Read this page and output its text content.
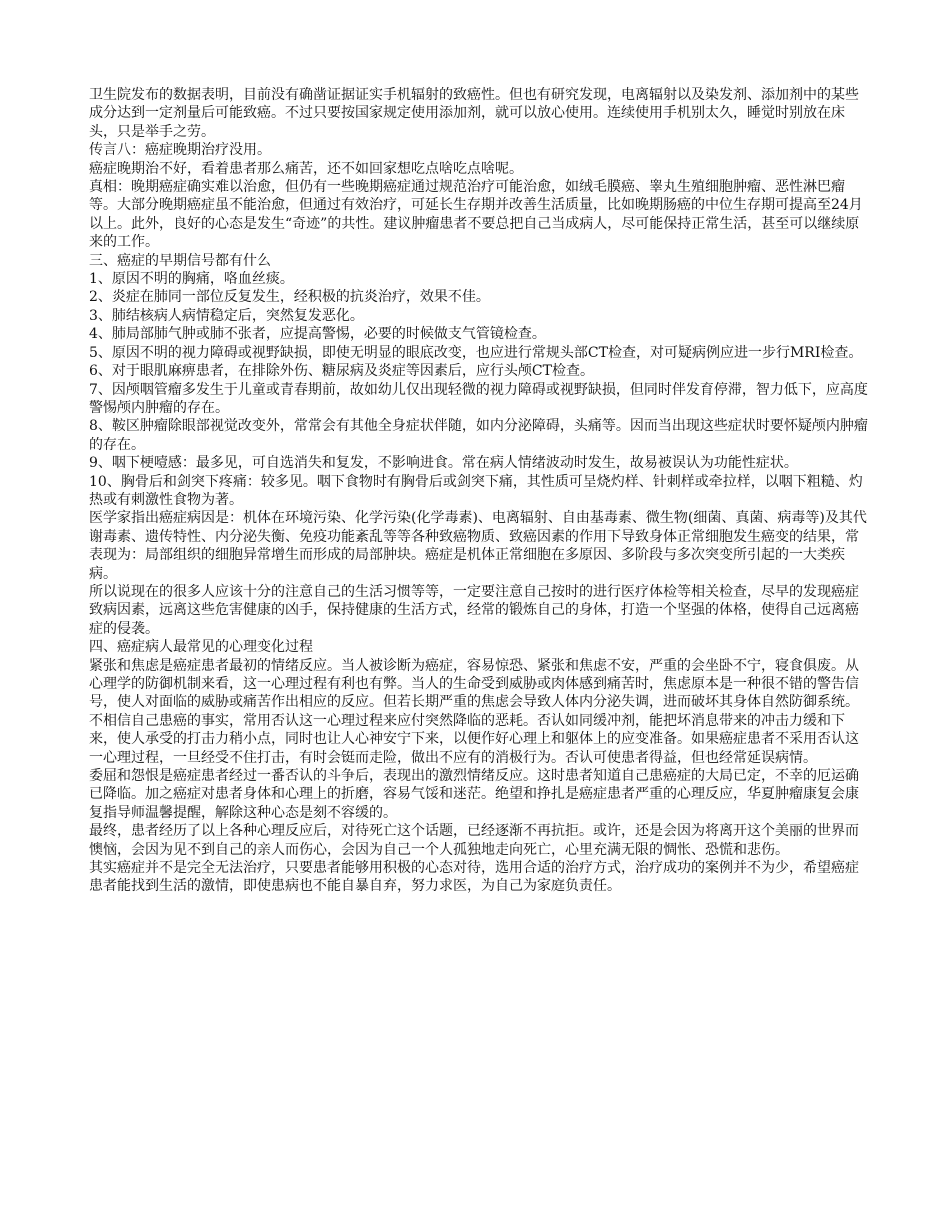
卫生院发布的数据表明，目前没有确凿证据证实手机辐射的致癌性。但也有研究发现，电离辐射以及染发剂、添加剂中的某些成分达到一定剂量后可能致癌。不过只要按国家规定使用添加剂，就可以放心使用。连续使用手机别太久，睡觉时别放在床头，只是举手之劳。

传言八：癌症晚期治疗没用。

癌症晚期治不好，看着患者那么痛苦，还不如回家想吃点啥吃点啥呢。

真相：晚期癌症确实难以治愈，但仍有一些晚期癌症通过规范治疗可能治愈，如绒毛膜癌、睾丸生殖细胞肿瘤、恶性淋巴瘤等。大部分晚期癌症虽不能治愈，但通过有效治疗，可延长生存期并改善生活质量，比如晚期肠癌的中位生存期可提高至24月以上。此外，良好的心态是发生“奇迹”的共性。建议肿瘤患者不要总把自己当成病人，尽可能保持正常生活，甚至可以继续原来的工作。

三、癌症的早期信号都有什么

1、原因不明的胸痛，咯血丝痰。

2、炎症在肺同一部位反复发生，经积极的抗炎治疗，效果不佳。

3、肺结核病人病情稳定后，突然复发恶化。

4、肺局部肺气肿或肺不张者，应提高警惕，必要的时候做支气管镜检查。

5、原因不明的视力障碍或视野缺损，即使无明显的眼底改变，也应进行常规头部CT检查，对可疑病例应进一步行MRI检查。

6、对于眼肌麻痹患者，在排除外伤、糖尿病及炎症等因素后，应行头颅CT检查。

7、因颅咽管瘤多发生于儿童或青春期前，故如幼儿仅出现轻微的视力障碍或视野缺损，但同时伴发育停滞，智力低下，应高度警惕颅内肿瘤的存在。

8、鞍区肿瘤除眼部视觉改变外，常常会有其他全身症状伴随，如内分泌障碍，头痛等。因而当出现这些症状时要怀疑颅内肿瘤的存在。

9、咽下梗噎感：最多见，可自选消失和复发，不影响进食。常在病人情绪波动时发生，故易被误认为功能性症状。

10、胸骨后和剑突下疼痛：较多见。咽下食物时有胸骨后或剑突下痛，其性质可呈烧灼样、针刺样或牵拉样，以咽下粗糙、灼热或有刺激性食物为著。

医学家指出癌症病因是：机体在环境污染、化学污染(化学毒素)、电离辐射、自由基毒素、微生物(细菌、真菌、病毒等)及其代谢毒素、遗传特性、内分泌失衡、免疫功能紊乱等等各种致癌物质、致癌因素的作用下导致身体正常细胞发生癌变的结果，常表现为：局部组织的细胞异常增生而形成的局部肿块。癌症是机体正常细胞在多原因、多阶段与多次突变所引起的一大类疾病。

所以说现在的很多人应该十分的注意自己的生活习惯等等，一定要注意自己按时的进行医疗体检等相关检查，尽早的发现癌症致病因素，远离这些危害健康的凶手，保持健康的生活方式，经常的锻炼自己的身体，打造一个坚强的体格，使得自己远离癌症的侵袭。

四、癌症病人最常见的心理变化过程

紧张和焦虑是癌症患者最初的情绪反应。当人被诊断为癌症，容易惊恐、紧张和焦虑不安，严重的会坐卧不宁，寝食俱废。从心理学的防御机制来看，这一心理过程有利也有弊。当人的生命受到威胁或肉体感到痛苦时，焦虑原本是一种很不错的警告信号，使人对面临的威胁或痛苦作出相应的反应。但若长期严重的焦虑会导致人体内分泌失调，进而破坏其身体自然防御系统。

不相信自己患癌的事实，常用否认这一心理过程来应付突然降临的恶耗。否认如同缓冲剂，能把坏消息带来的冲击力缓和下来，使人承受的打击力稍小点，同时也让人心神安宁下来，以便作好心理上和躯体上的应变准备。如果癌症患者不采用否认这一心理过程，一旦经受不住打击，有时会铤而走险，做出不应有的消极行为。否认可使患者得益，但也经常延误病情。

委屈和怨恨是癌症患者经过一番否认的斗争后，表现出的激烈情绪反应。这时患者知道自己患癌症的大局已定，不幸的厄运确已降临。加之癌症对患者身体和心理上的折磨，容易气馁和迷茫。绝望和挣扎是癌症患者严重的心理反应，华夏肿瘤康复会康复指导师温馨提醒，解除这种心态是刻不容缓的。

最终，患者经历了以上各种心理反应后，对待死亡这个话题，已经逐渐不再抗拒。或许，还是会因为将离开这个美丽的世界而懊恼，会因为见不到自己的亲人而伤心，会因为自己一个人孤独地走向死亡，心里充满无限的惆怅、恐慌和悲伤。

其实癌症并不是完全无法治疗，只要患者能够用积极的心态对待，选用合适的治疗方式，治疗成功的案例并不为少，希望癌症患者能找到生活的激情，即使患病也不能自暴自弃，努力求医，为自己为家庭负责任。
